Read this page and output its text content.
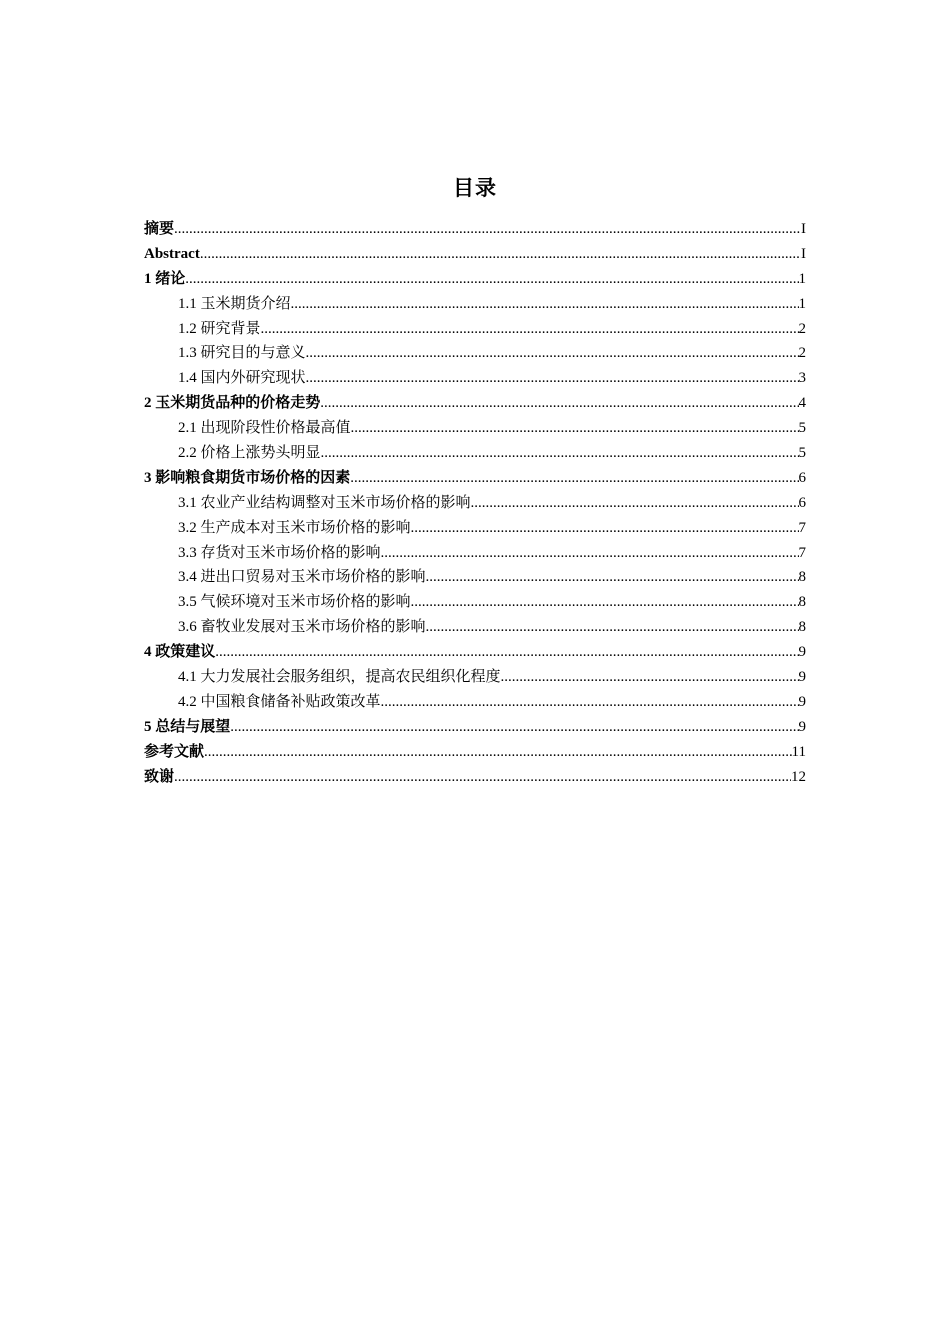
目录
摘要 .....	I
Abstract .....	I
1 绪论 .....	1
1.1 玉米期货介绍 .....	1
1.2 研究背景 .....	2
1.3 研究目的与意义 .....	2
1.4 国内外研究现状 .....	3
2 玉米期货品种的价格走势 .....	4
2.1 出现阶段性价格最高值 .....	5
2.2 价格上涨势头明显 .....	5
3 影响粮食期货市场价格的因素 .....	6
3.1 农业产业结构调整对玉米市场价格的影响 .....	6
3.2 生产成本对玉米市场价格的影响 .....	7
3.3 存货对玉米市场价格的影响 .....	7
3.4 进出口贸易对玉米市场价格的影响 .....	8
3.5 气候环境对玉米市场价格的影响 .....	8
3.6 畜牧业发展对玉米市场价格的影响 .....	8
4 政策建议 .....	9
4.1 大力发展社会服务组织，提高农民组织化程度 .....	9
4.2 中国粮食储备补贴政策改革 .....	9
5 总结与展望 .....	9
参考文献 .....	11
致谢 .....	12
